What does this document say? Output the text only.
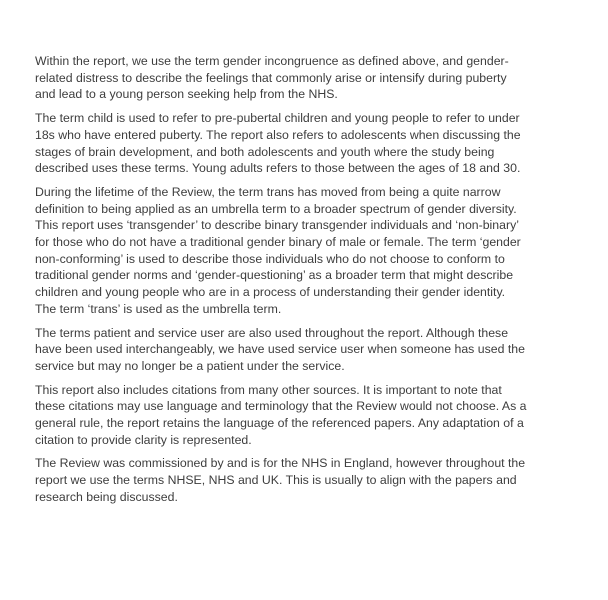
Within the report, we use the term gender incongruence as defined above, and gender-related distress to describe the feelings that commonly arise or intensify during puberty and lead to a young person seeking help from the NHS.

The term child is used to refer to pre-pubertal children and young people to refer to under 18s who have entered puberty. The report also refers to adolescents when discussing the stages of brain development, and both adolescents and youth where the study being described uses these terms. Young adults refers to those between the ages of 18 and 30.

During the lifetime of the Review, the term trans has moved from being a quite narrow definition to being applied as an umbrella term to a broader spectrum of gender diversity. This report uses ‘transgender’ to describe binary transgender individuals and ‘non-binary’ for those who do not have a traditional gender binary of male or female. The term ‘gender non-conforming’ is used to describe those individuals who do not choose to conform to traditional gender norms and ‘gender-questioning’ as a broader term that might describe children and young people who are in a process of understanding their gender identity. The term ‘trans’ is used as the umbrella term.

The terms patient and service user are also used throughout the report. Although these have been used interchangeably, we have used service user when someone has used the service but may no longer be a patient under the service.

This report also includes citations from many other sources. It is important to note that these citations may use language and terminology that the Review would not choose. As a general rule, the report retains the language of the referenced papers. Any adaptation of a citation to provide clarity is represented.

The Review was commissioned by and is for the NHS in England, however throughout the report we use the terms NHSE, NHS and UK. This is usually to align with the papers and research being discussed.
